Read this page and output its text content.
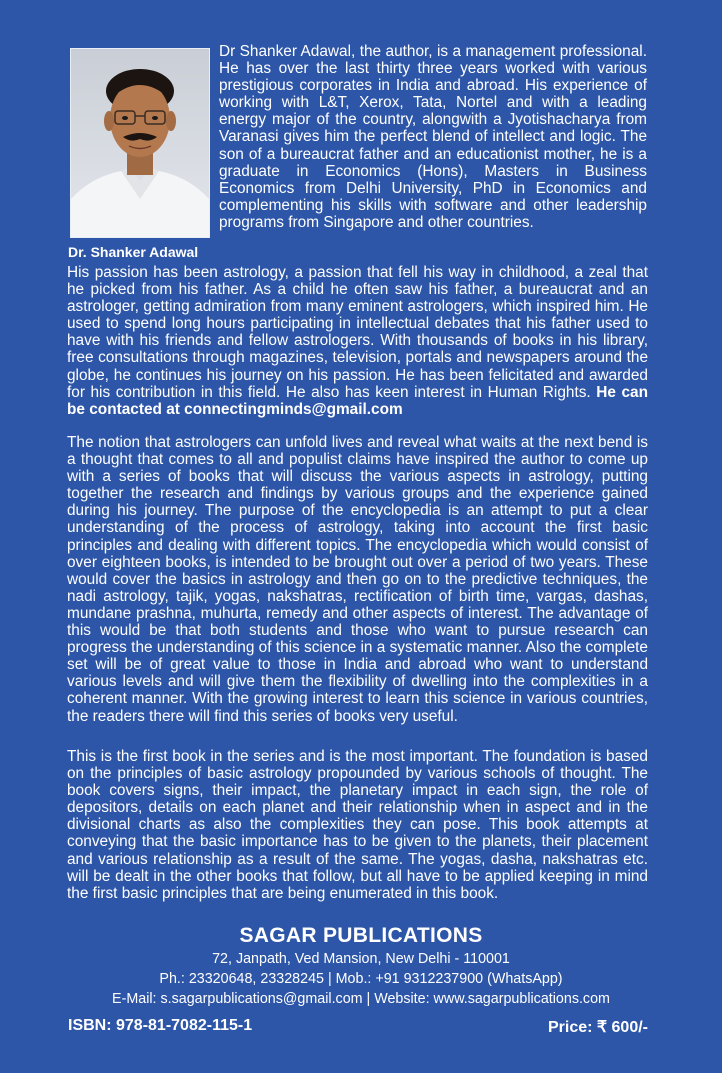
Dr. Shanker Adawal

Dr Shanker Adawal, the author, is a management professional. He has over the last thirty three years worked with various prestigious corporates in India and abroad. His experience of working with L&T, Xerox, Tata, Nortel and with a leading energy major of the country, alongwith a Jyotishacharya from Varanasi gives him the perfect blend of intellect and logic. The son of a bureaucrat father and an educationist mother, he is a graduate in Economics (Hons), Masters in Business Economics from Delhi University, PhD in Economics and complementing his skills with software and other leadership programs from Singapore and other countries.

His passion has been astrology, a passion that fell his way in childhood, a zeal that he picked from his father. As a child he often saw his father, a bureaucrat and an astrologer, getting admiration from many eminent astrologers, which inspired him. He used to spend long hours participating in intellectual debates that his father used to have with his friends and fellow astrologers. With thousands of books in his library, free consultations through magazines, television, portals and newspapers around the globe, he continues his journey on his passion. He has been felicitated and awarded for his contribution in this field. He also has keen interest in Human Rights. He can be contacted at connectingminds@gmail.com

The notion that astrologers can unfold lives and reveal what waits at the next bend is a thought that comes to all and populist claims have inspired the author to come up with a series of books that will discuss the various aspects in astrology, putting together the research and findings by various groups and the experience gained during his journey. The purpose of the encyclopedia is an attempt to put a clear understanding of the process of astrology, taking into account the first basic principles and dealing with different topics. The encyclopedia which would consist of over eighteen books, is intended to be brought out over a period of two years. These would cover the basics in astrology and then go on to the predictive techniques, the nadi astrology, tajik, yogas, nakshatras, rectification of birth time, vargas, dashas, mundane prashna, muhurta, remedy and other aspects of interest. The advantage of this would be that both students and those who want to pursue research can progress the understanding of this science in a systematic manner. Also the complete set will be of great value to those in India and abroad who want to understand various levels and will give them the flexibility of dwelling into the complexities in a coherent manner. With the growing interest to learn this science in various countries, the readers there will find this series of books very useful.

This is the first book in the series and is the most important. The foundation is based on the principles of basic astrology propounded by various schools of thought. The book covers signs, their impact, the planetary impact in each sign, the role of depositors, details on each planet and their relationship when in aspect and in the divisional charts as also the complexities they can pose. This book attempts at conveying that the basic importance has to be given to the planets, their placement and various relationship as a result of the same. The yogas, dasha, nakshatras etc. will be dealt in the other books that follow, but all have to be applied keeping in mind the first basic principles that are being enumerated in this book.

SAGAR PUBLICATIONS
72, Janpath, Ved Mansion, New Delhi - 110001
Ph.: 23320648, 23328245 | Mob.: +91 9312237900 (WhatsApp)
E-Mail: s.sagarpublications@gmail.com | Website: www.sagarpublications.com
ISBN: 978-81-7082-115-1	Price: ₹ 600/-
